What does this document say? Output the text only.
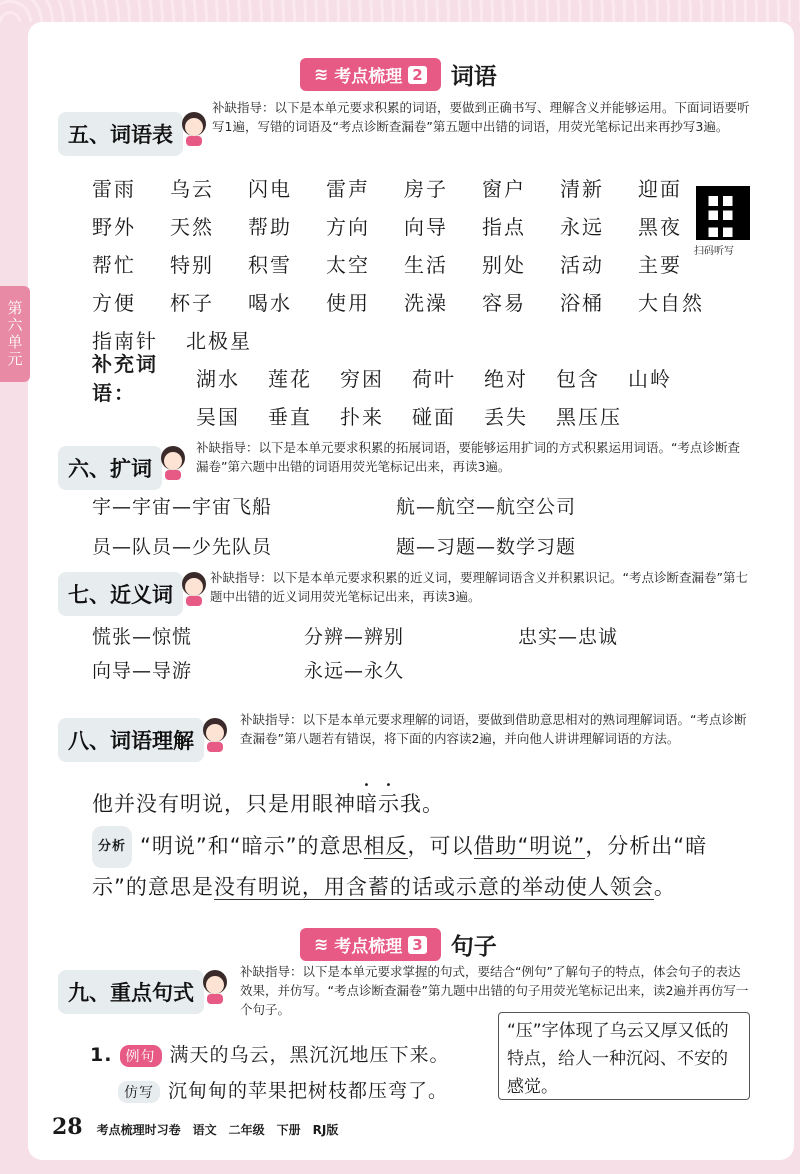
第六单元
≋ 考点梳理 2 词语
五、词语表
补缺指导：以下是本单元要求积累的词语，要做到正确书写、理解含义并能够运用。下面词语要听写1遍，写错的词语及“考点诊断查漏卷”第五题中出错的词语，用荧光笔标记出来再抄写3遍。
雷雨	乌云	闪电	雷声	房子	窗户	清新	迎面
野外	天然	帮助	方向	向导	指点	永远	黑夜
帮忙	特别	积雪	太空	生活	别处	活动	主要
方便	杯子	喝水	使用	洗澡	容易	浴桶	大自然
指南针	北极星
扫码听写
补充词语：
湖水	莲花	穷困	荷叶	绝对	包含	山岭
吴国	垂直	扑来	碰面	丢失	黑压压
六、扩词
补缺指导：以下是本单元要求积累的拓展词语，要能够运用扩词的方式积累运用词语。“考点诊断查漏卷”第六题中出错的词语用荧光笔标记出来，再读3遍。
宇—宇宙—宇宙飞船	航—航空—航空公司
员—队员—少先队员	题—习题—数学习题
七、近义词
补缺指导：以下是本单元要求积累的近义词，要理解词语含义并积累识记。“考点诊断查漏卷”第七题中出错的近义词用荧光笔标记出来，再读3遍。
慌张—惊慌	分辨—辨别	忠实—忠诚
向导—导游	永远—永久
八、词语理解
补缺指导：以下是本单元要求理解的词语，要做到借助意思相对的熟词理解词语。“考点诊断查漏卷”第八题若有错误，将下面的内容读2遍，并向他人讲讲理解词语的方法。
他并没有明说，只是用眼神暗示我。
分析 “明说”和“暗示”的意思相反，可以借助“明说”，分析出“暗
示”的意思是没有明说，用含蓄的话或示意的举动使人领会。
≋ 考点梳理 3 句子
九、重点句式
补缺指导：以下是本单元要求掌握的句式，要结合“例句”了解句子的特点，体会句子的表达效果，并仿写。“考点诊断查漏卷”第九题中出错的句子用荧光笔标记出来，读2遍并再仿写一个句子。
1. 例句 满天的乌云，黑沉沉地压下来。
仿写 沉甸甸的苹果把树枝都压弯了。
“压”字体现了乌云又厚又低的特点，给人一种沉闷、不安的感觉。
28 考点梳理时习卷　语文　二年级　下册　RJ版
